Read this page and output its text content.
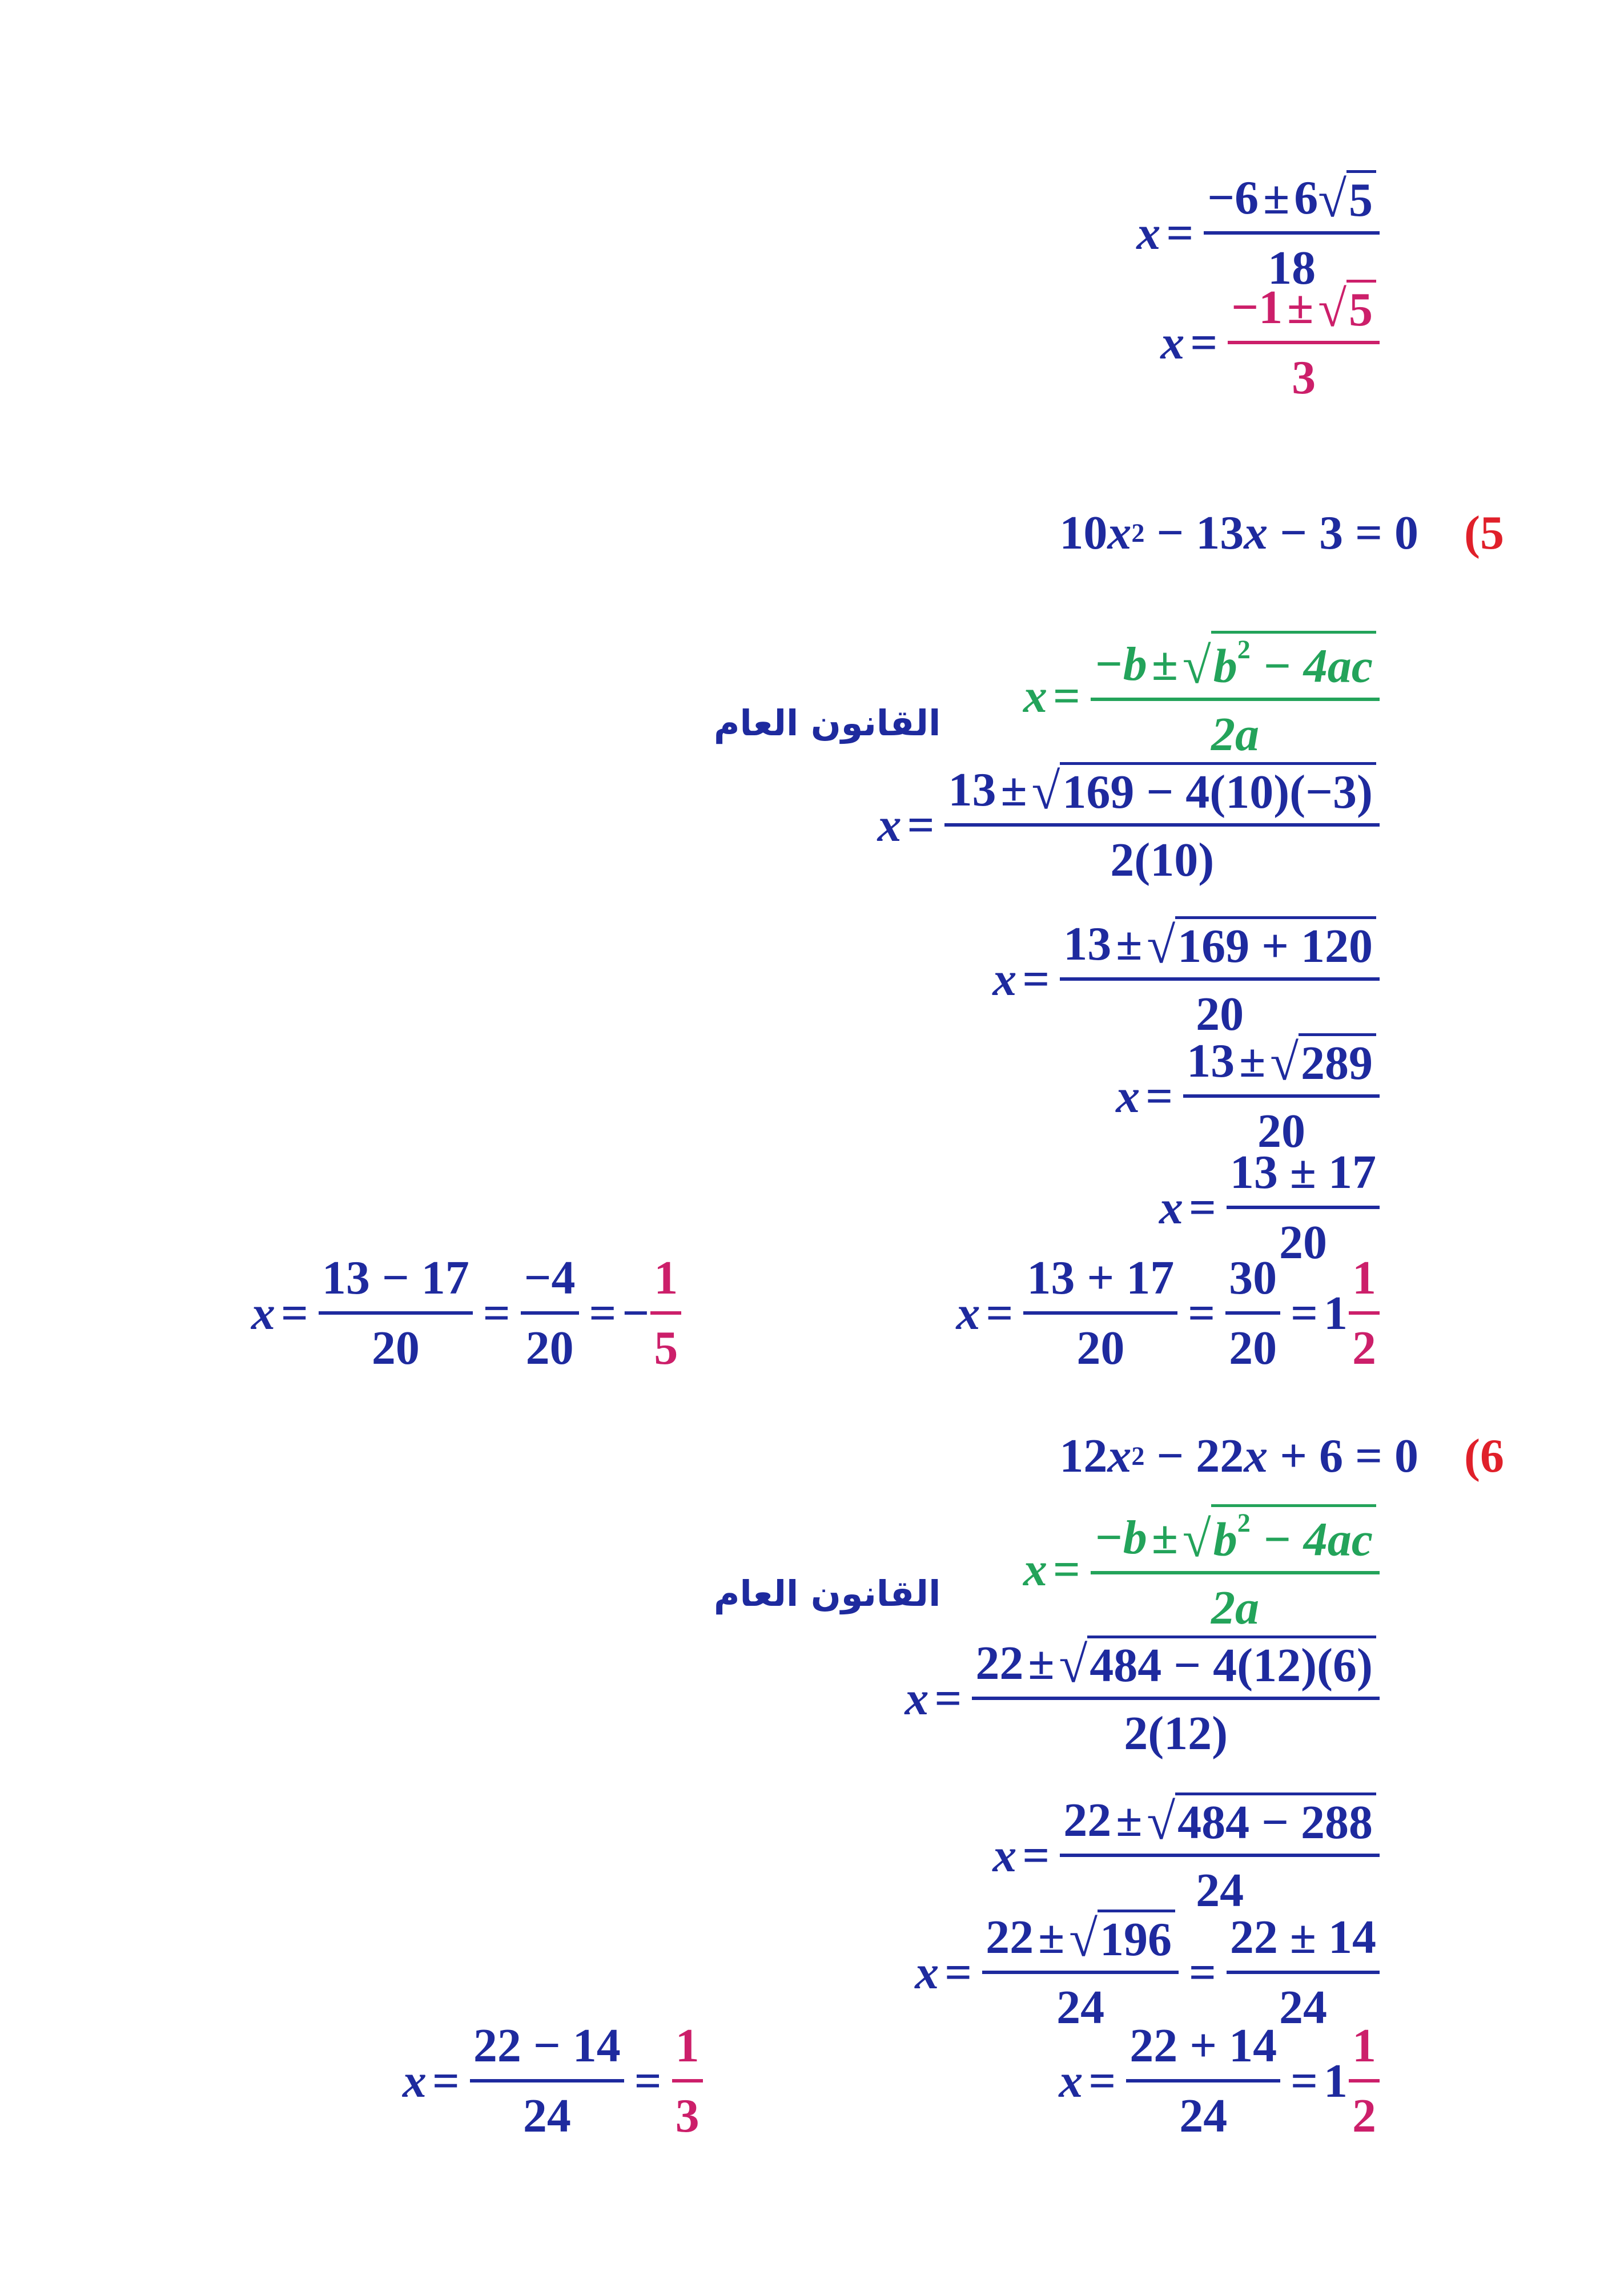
$x = \frac{-6 \pm 6 √ 5}{18}$
$x = \frac{-1 \pm √ 5}{3}$
10 x 2 − 13 x − 3 = 0 (5
$x = \frac{-b \pm √ b^2 - 4ac}{2a}$
القانون العام
$x = \frac{13 \pm √ 169 - 4(10)(-3)}{2(10)}$
$x = \frac{13 \pm √ 169 + 120}{20}$
$x = \frac{13 \pm √ 289}{20}$
$x = \frac{13 \pm 17}{20}$
$x = \frac{13 + 17}{20} = \frac{30}{20} = 1 \frac{1}{2}$
$x = \frac{13 - 17}{20} = \frac{-4}{20}$ = − $\frac{1}{5}$
12 x 2 − 22 x + 6 = 0 (6
$x = \frac{-b \pm √ b^2 - 4ac}{2a}$
القانون العام
$x = \frac{22 \pm √ 484 - 4(12)(6)}{2(12)}$
$x = \frac{22 \pm √ 484 - 288}{24}$
$x = \frac{22 \pm √ 196}{24} = \frac{22 \pm 14}{24}$
$x = \frac{22 + 14}{24} = 1 \frac{1}{2}$
$x = \frac{22 - 14}{24} = \frac{1}{3}$
